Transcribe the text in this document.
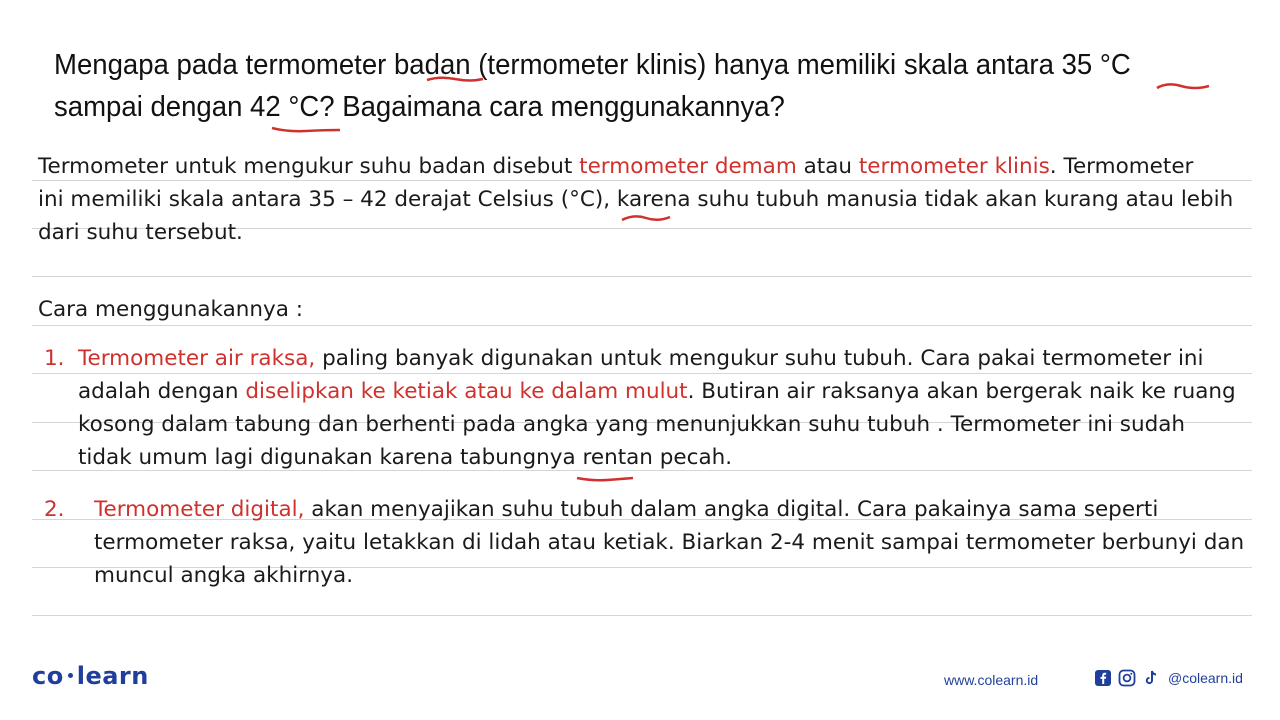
Mengapa pada termometer badan (termometer klinis) hanya memiliki skala antara 35 °C
sampai dengan 42 °C? Bagaimana cara menggunakannya?
Termometer untuk mengukur suhu badan disebut termometer demam atau termometer klinis. Termometer
ini memiliki skala antara 35 – 42 derajat Celsius (°C), karena suhu tubuh manusia tidak akan kurang atau lebih
dari suhu tersebut.
Cara menggunakannya :
1. Termometer air raksa, paling banyak digunakan untuk mengukur suhu tubuh. Cara pakai termometer ini
adalah dengan diselipkan ke ketiak atau ke dalam mulut. Butiran air raksanya akan bergerak naik ke ruang
kosong dalam tabung dan berhenti pada angka yang menunjukkan suhu tubuh . Termometer ini sudah
tidak umum lagi digunakan karena tabungnya rentan pecah.
2. Termometer digital, akan menyajikan suhu tubuh dalam angka digital. Cara pakainya sama seperti
termometer raksa, yaitu letakkan di lidah atau ketiak. Biarkan 2-4 menit sampai termometer berbunyi dan
muncul angka akhirnya.
co learn	www.colearn.id	@colearn.id
